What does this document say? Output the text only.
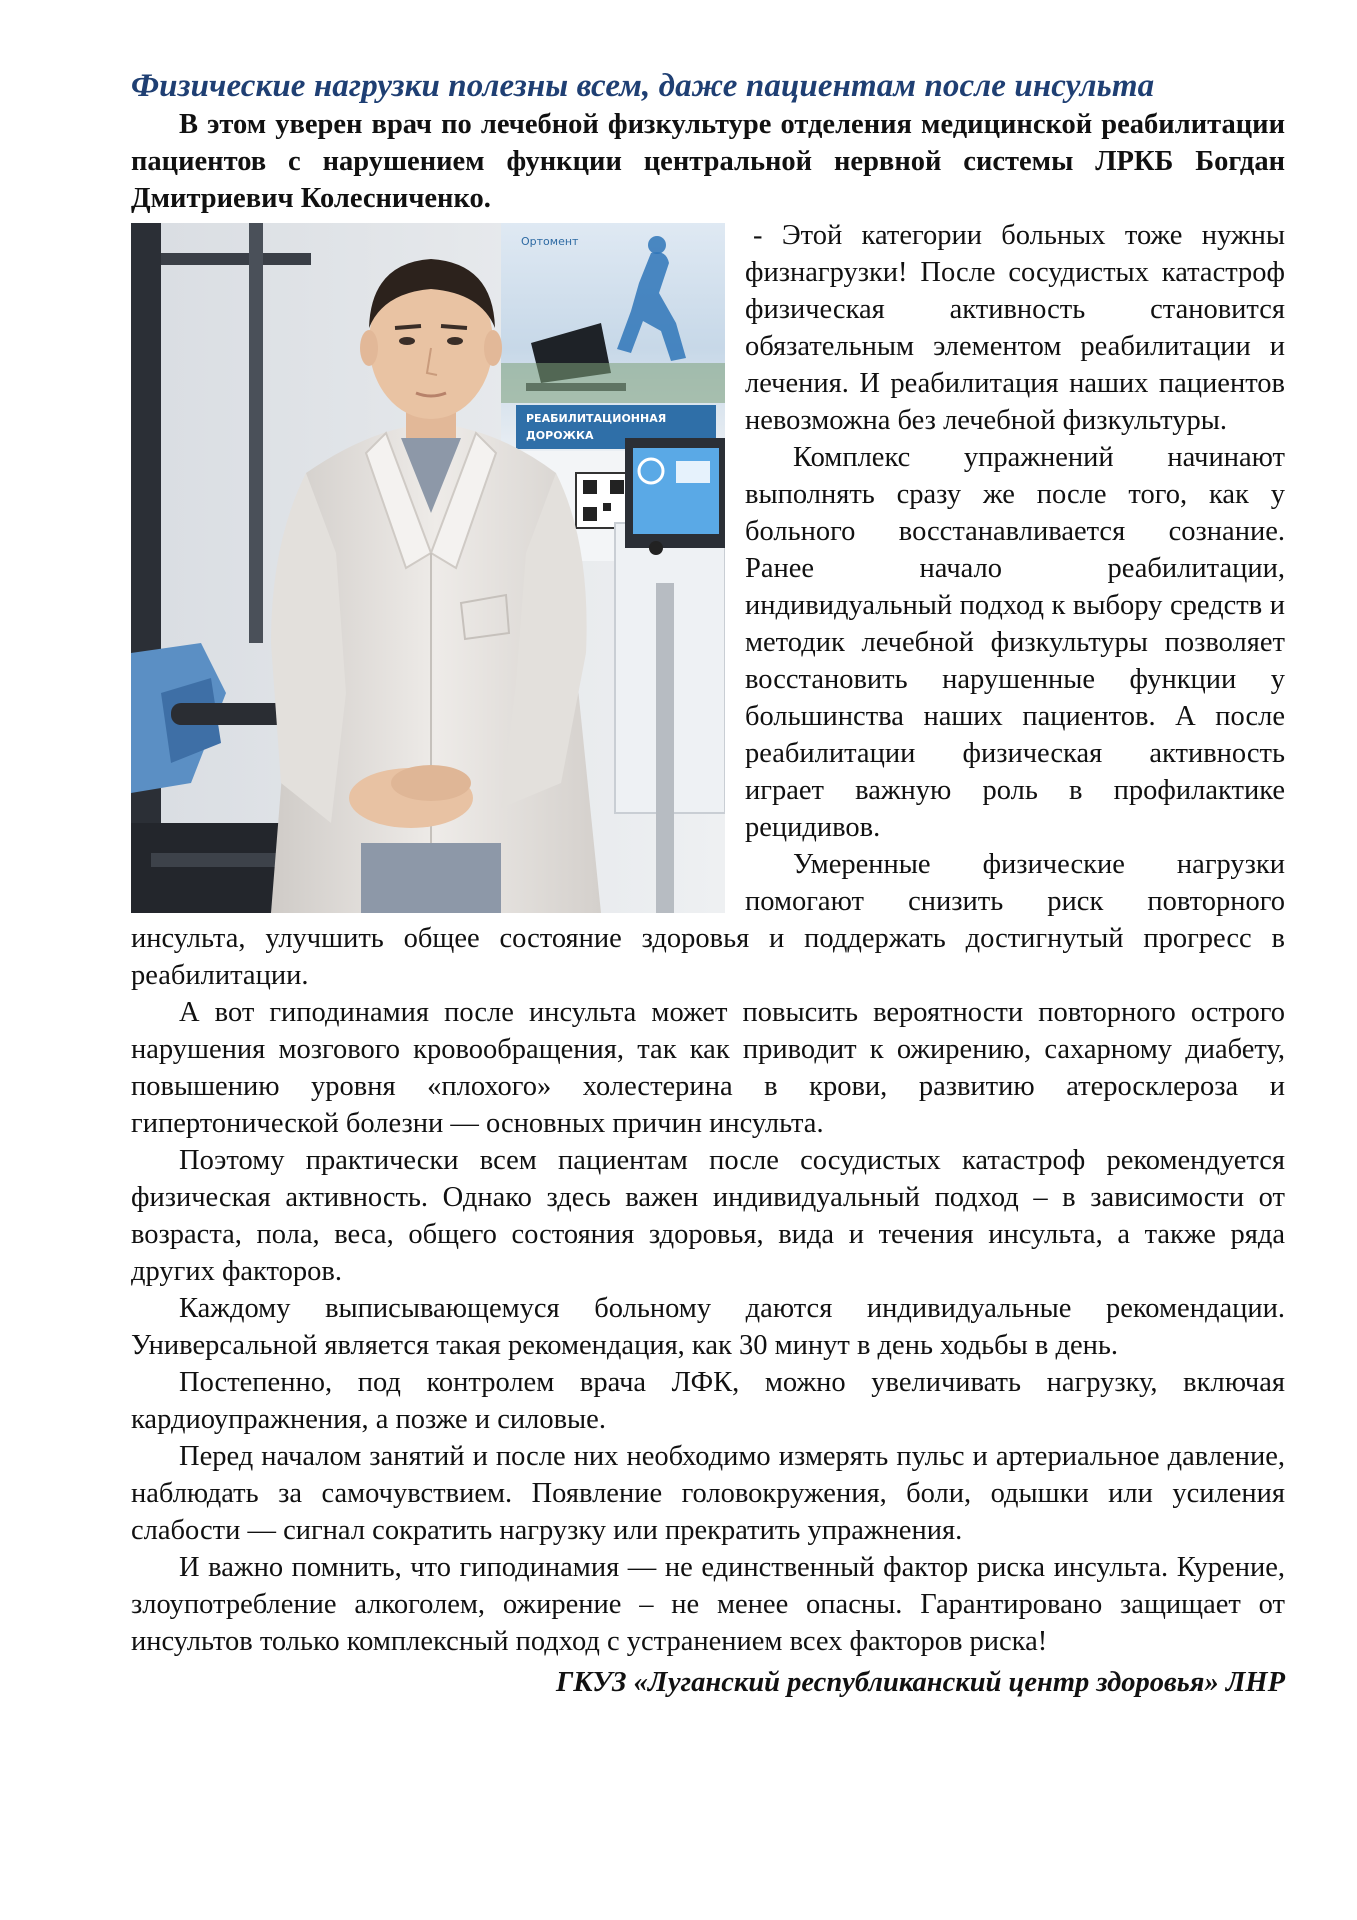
Физические нагрузки полезны всем, даже пациентам после инсульта

В этом уверен врач по лечебной физкультуре отделения медицинской реабилитации пациентов с нарушением функции центральной нервной системы ЛРКБ Богдан Дмитриевич Колесниченко.

Ортомент
РЕАБИЛИТАЦИОННАЯ
ДОРОЖКА

- Этой категории больных тоже нужны физнагрузки! После сосудистых катастроф физическая активность становится обязательным элементом реабилитации и лечения. И реабилитация наших пациентов невозможна без лечебной физкультуры.

Комплекс упражнений начинают выполнять сразу же после того, как у больного восстанавливается сознание. Ранее начало реабилитации, индивидуальный подход к выбору средств и методик лечебной физкультуры позволяет восстановить нарушенные функции у большинства наших пациентов. А после реабилитации физическая активность играет важную роль в профилактике рецидивов.

Умеренные физические нагрузки помогают снизить риск повторного инсульта, улучшить общее состояние здоровья и поддержать достигнутый прогресс в реабилитации.

А вот гиподинамия после инсульта может повысить вероятности повторного острого нарушения мозгового кровообращения, так как приводит к ожирению, сахарному диабету, повышению уровня «плохого» холестерина в крови, развитию атеросклероза и гипертонической болезни — основных причин инсульта.

Поэтому практически всем пациентам после сосудистых катастроф рекомендуется физическая активность. Однако здесь важен индивидуальный подход – в зависимости от возраста, пола, веса, общего состояния здоровья, вида и течения инсульта, а также ряда других факторов.

Каждому выписывающемуся больному даются индивидуальные рекомендации. Универсальной является такая рекомендация, как 30 минут в день ходьбы в день.

Постепенно, под контролем врача ЛФК, можно увеличивать нагрузку, включая кардиоупражнения, а позже и силовые.

Перед началом занятий и после них необходимо измерять пульс и артериальное давление, наблюдать за самочувствием. Появление головокружения, боли, одышки или усиления слабости — сигнал сократить нагрузку или прекратить упражнения.

И важно помнить, что гиподинамия — не единственный фактор риска инсульта. Курение, злоупотребление алкоголем, ожирение – не менее опасны. Гарантировано защищает от инсультов только комплексный подход с устранением всех факторов риска!

ГКУЗ «Луганский республиканский центр здоровья» ЛНР
